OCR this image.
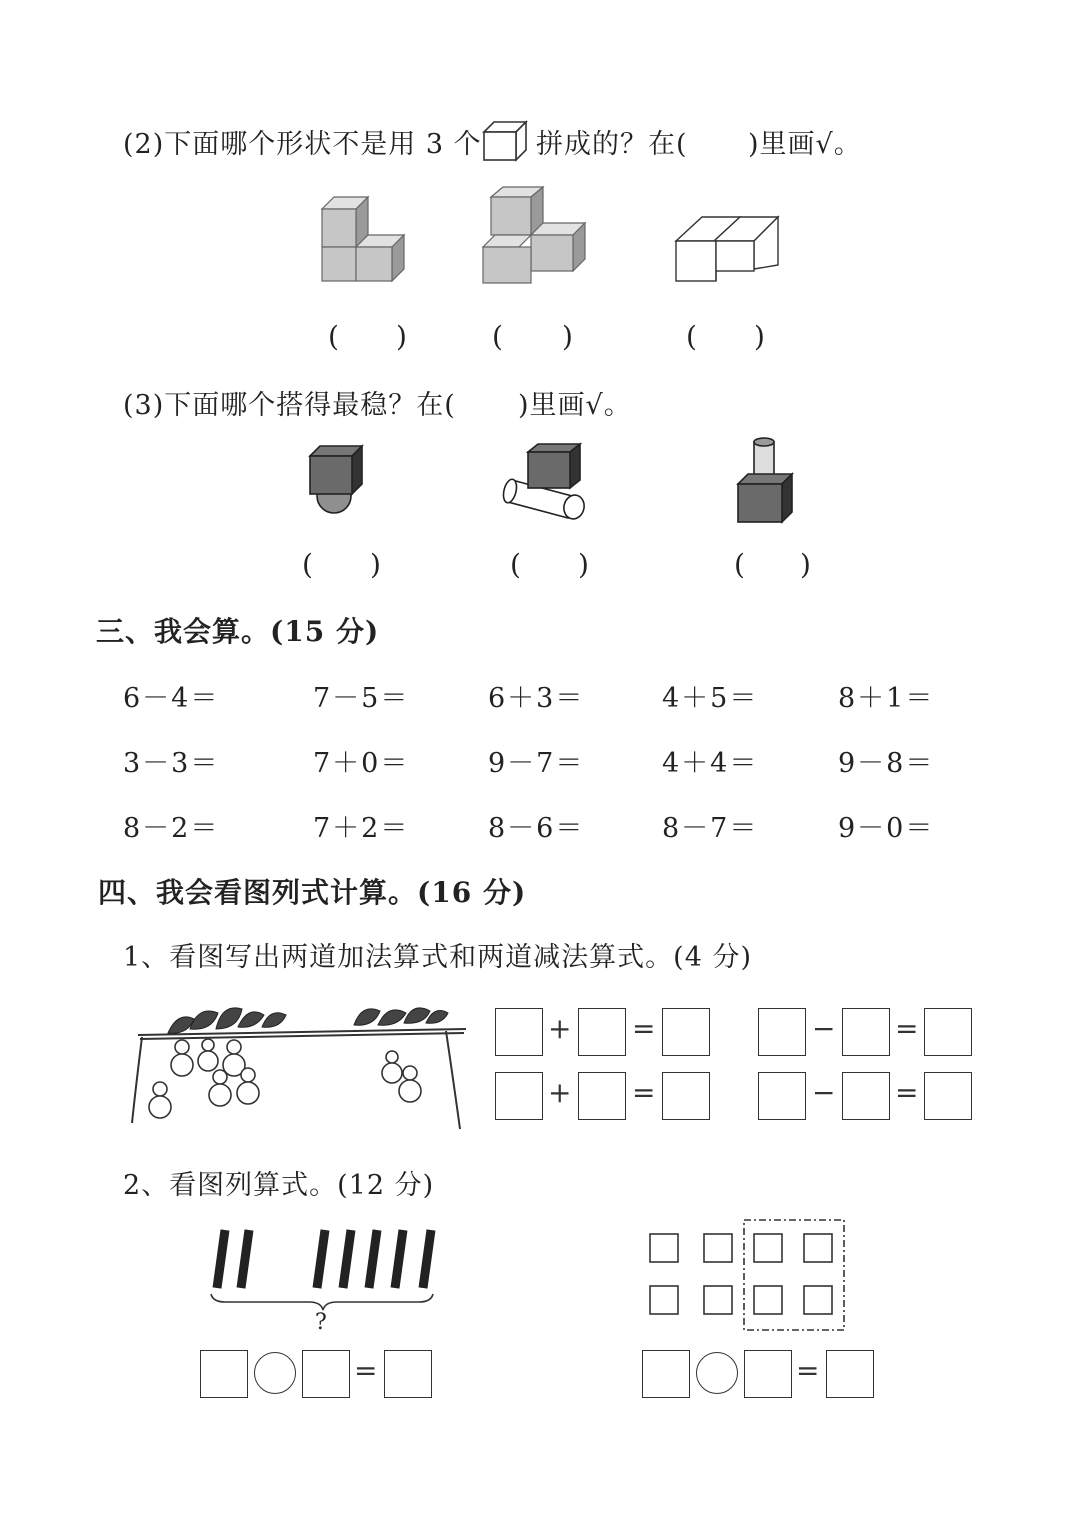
(2)下面哪个形状不是用 3 个 拼成的？在( )里画√。
( )	( )	( )
(3)下面哪个搭得最稳？在( )里画√。
( )	( )	( )
三、我会算。(15 分)
6－4＝	7－5＝	6＋3＝	4＋5＝	8＋1＝
3－3＝	7＋0＝	9－7＝	4＋4＝	9－8＝
8－2＝	7＋2＝	8－6＝	8－7＝	9－0＝
四、我会看图列式计算。(16 分)
1、看图写出两道加法算式和两道减法算式。(4 分)
+ =	− =
+ =	− =
2、看图列算式。(12 分)
?
=	=
